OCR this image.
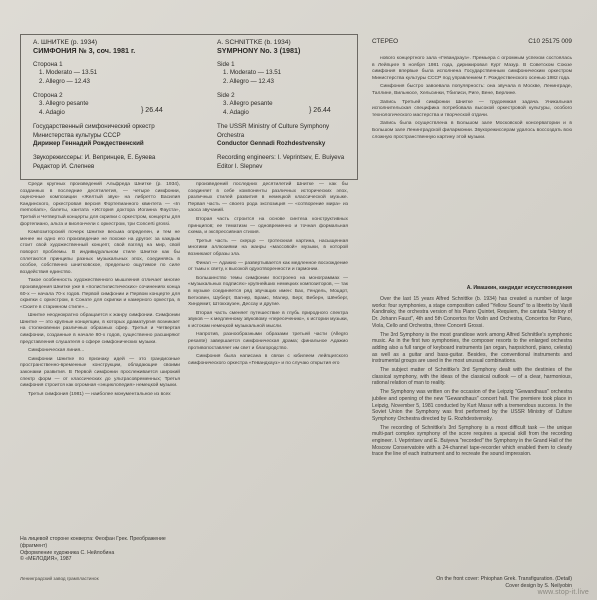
А. ШНИТКЕ (р. 1934)
СИМФОНИЯ № 3, соч. 1981 г.
Сторона 1
1. Moderato — 13.51
2. Allegro — 12.43
Сторона 2
3. Allegro pesante
4. Adagio
Государственный симфонический оркестр Министерства культуры СССР
Дирижер Геннадий Рождественский
Звукорежиссеры: И. Вепринцев, Е. Буяева
Редактор И. Слепнев
} 26.44
A. SCHNITTKE (b. 1934)
SYMPHONY No. 3 (1981)
Side 1
1. Moderato — 13.51
2. Allegro — 12.43
Side 2
3. Allegro pesante
4. Adagio
The USSR Ministry of Culture Symphony Orchestra
Conductor Gennadi Rozhdestvensky
Recording engineers: I. Veprintsev, E. Buiyeva
Editor I. Slepnev
} 26.44
СТЕРЕО	С10 25175 009

нового концертного зала «Гевандхауз». Премьера с огромным успехом состоялась в Лейпциге 5 ноября 1981 года, дирижировал Курт Мазур. В Советском Союзе симфония впервые была исполнена Государственным симфоническим оркестром Министерства культуры СССР под управлением Г. Рождественского осенью 1982 года.

Симфония быстро завоевала популярность: она звучала в Москве, Ленинграде, Таллине, Вильнюсе, Хельсинки, Тбилиси, Риге, Вене, Берлине.

Запись Третьей симфонии Шнитке — трудоемкая задача. Уникальная исполнительская специфика потребовала высокой оркестровой культуры, особого технологического мастерства и творческой отдачи.

Запись была осуществлена в Большом зале Московской консерватории и в Большом зале Ленинградской филармонии. Звукорежиссерам удалось воссоздать всю сложную пространственную картину этой музыки.

А. Ивашкин, кандидат искусствоведения

Среди крупных произведений Альфреда Шнитке (р. 1934), созданных в последние десятилетия, — четыре симфонии, оценочные композиции «Желтый звук» на либретто Василия Кандинского, оркестровая версия Фортепианного квинтета — «In memoriam», балеты, кантата «История доктора Иоганна Фауста», Третий и Четвертый концерты для скрипки с оркестром, концерты для фортепиано, альта и виолончели с оркестром, три Concerti grossi.

Композиторский почерк Шнитке весьма определен, и тем не менее ни одно его произведение не похоже на другое: за каждым стоит свой художественный концепт, свой взгляд на мир, свой поворот проблемы. В индивидуальном стиле Шнитке как бы сплетаются принципы разных музыкальных эпох, соединяясь в особое, собственно шнитковское, предельно ощутимое по силе воздействия единство.

Такое особенность художественного мышления отличает многие произведения Шнитке уже в «полистилистических» сочинениях конца 60-х — начала 70-х годов. Первой симфонии и Первом концерте для скрипки с оркестром, в Сонате для скрипки и камерного оркестра, в «Сюите в старинном стиле»...

Шнитке неоднократно обращается к жанру симфонии. Симфонии Шнитке — это крупные концепции, в которых драматургия возникает на столкновении различных образных сфер. Третья и Четвертая симфонии, созданные в начале 80-х годов, существенно расширяют представления слушателя о сфере симфонических музыки.

Симфоническая линия...

Симфонии Шнитке по признаку идей — это грандиозные пространственно-временные конструкции, обладающие своими законами развития. В Первой симфонии прослеживается широкий спектр форм — от классических до ультрасовременных; Третья симфония строится как огромная «энциклопедия» немецкой музыки.

Третья симфония (1981) — наиболее монументальное из всех

произведений последних десятилетий Шнитке — как бы соединяет в себе компоненты различных исторических эпох, различных стилей развития в немецкой классической музыке. Первая часть — своего рода экспозиция — «сотворение мира» из хаоса звучаний.

Вторая часть строится на основе синтеза конструктивных принципов; ее тематизм — одновременно и точная формальная схема, и экспрессивная стихия.

Третья часть — скерцо — гротескная картина, насыщенная многими аллюзиями на жанры «массовой» музыки, в которой возникают образы зла.

Финал — Адажио — развертывается как медленное восхождение от тьмы к свету, к высокой одухотворенности и гармонии.

Большинство темы симфонии построено на монограммах — «музыкальных подписях» крупнейших немецких композиторов, — так в музыке соединяется ряд звучащих имен: Бах, Гендель, Моцарт, Бетховен, Шуберт, Вагнер, Брамс, Малер, Берг, Веберн, Шёнберг, Хиндемит, Штокхаузен, Дессау и другие.

Вторая часть сменяет путешествие в глубь природного спектра звуков — к медленному звуковому «пересечению», к истории музыки, к истокам немецкой музыкальной мысли.

Напротив, разнообразными образами третьей части (Allegro pesante) завершается симфоническая драма; финальное Адажио противопоставляет им свет и благородство.

Симфония была написана в связи с юбилеем лейпцигского симфонического оркестра «Гевандхауз» и по случаю открытия его

Over the last 15 years Alfred Schnittke (b. 1934) has created a number of large works: four symphonies, a stage composition called "Yellow Sound" to a libretto by Vasili Kandinsky, the orchestra version of his Piano Quintet, Requiem, the cantata "History of Dr. Johann Faust", 4th and 5th Concertos for Violin and Orchestra, Concertos for Piano, Viola, Cello and Orchestra, three Concerti Grossi.

The 3rd Symphony is the most grandiose work among Alfred Schnittke's symphonic music. As in the first two symphonies, the composer resorts to the enlarged orchestra adding also a full range of keyboard instruments (an organ, harpsichord, piano, celesta) as well as a guitar and bass-guitar. Besides, the conventional instruments and instrumental groups are used in the most unusual combinations.

The subject matter of Schnittke's 3rd Symphony dealt with the destinies of the classical symphony, with the ideas of the classical outlook — of a clear, harmonious, rational relation of man to reality.

The Symphony was written on the occasion of the Leipzig "Gewandhaus" orchestra jubilee and opening of the new "Gewandhaus" concert hall. The premiere took place in Leipzig, November 5, 1981 conducted by Kurt Masur with a tremendous success. In the Soviet Union the Symphony was first performed by the USSR Ministry of Culture Symphony Orchestra directed by G. Rozhdestvensky.

The recording of Schnittke's 3rd Symphony is a most difficult task — the unique multi-part complex symphony of the score requires a special skill from the recording engineer. I. Veprintsev and E. Buiyeva "recorded" the Symphony in the Grand Hall of the Moscow Conservatoire with a 24-channel tape-recorder which enabled them to clearly trace the line of each instrument and to recreate the sound impression.

На лицевой стороне конверта: Феофан Грек. Преображение (фрагмент)
Оформление художника С. Нейлобина
© «МЕЛОДИЯ», 1987
Ленинградский завод грампластинок	On the front cover: Phiophan Grek. Transfiguration. (Detail)
Cover design by S. Neilyobin
www.stop-it.live
